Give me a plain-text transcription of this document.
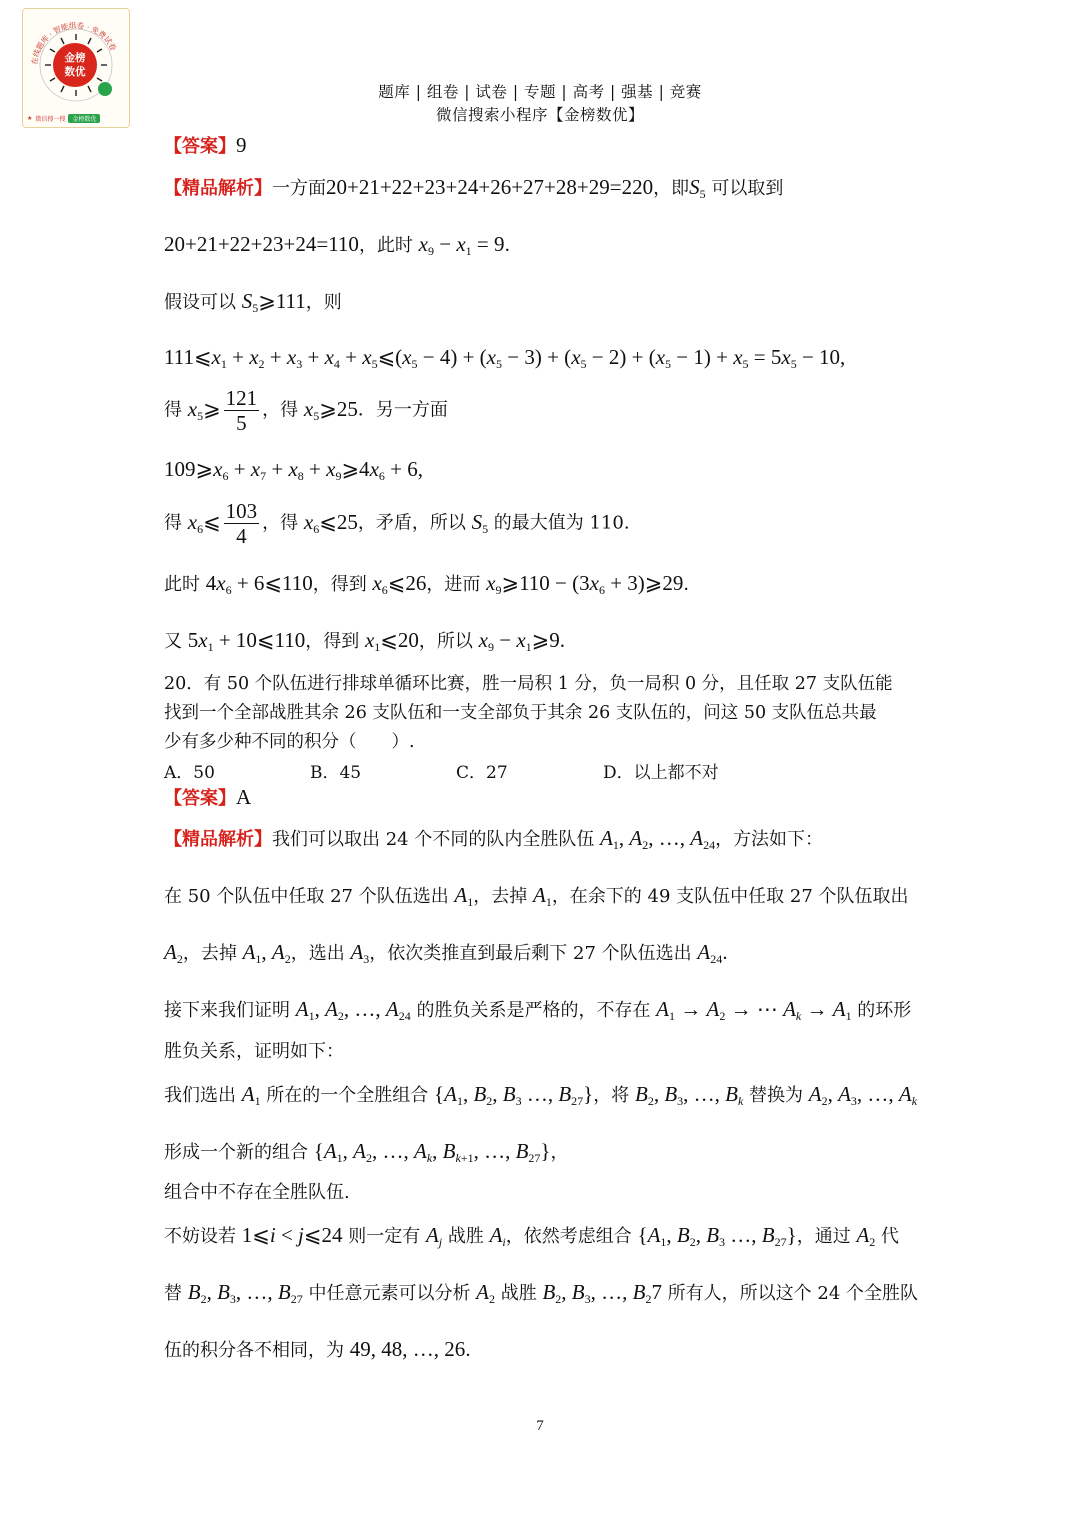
在线题库 · 智能组卷 · 免费试卷
金榜
数优
★ 微信搜一搜	金榜数优
题库 | 组卷 | 试卷 | 专题 | 高考 | 强基 | 竞赛
微信搜索小程序【金榜数优】
【答案】9
【精品解析】一方面20+21+22+23+24+26+27+28+29=220，即$S_5$ 可以取到
20+21+22+23+24=110，此时 $x_9 - x_1 = 9$．
假设可以 $S_5⩾111$，则
$111⩽x_1 + x_2 + x_3 + x_4$ + $x_5⩽(x_5 - 4) + (x_5 - 3) + (x_5 - 2) + (x_5 - 1) + x_5 = 5x_5 - 10$,
得 $x_5⩾ \frac{121}{5}$ ，得 $x_5⩾25$．另一方面
$109⩾x_6 + x_7 + x_8$ + $x_9⩾4x_6 + 6$,
得 $x_6⩽ \frac{103}{4}$ ，得 $x_6⩽25$，矛盾，所以 $S_5$ 的最大值为 110.
此时 $4x_6$ + 6⩽110，得到 $x_6⩽26$，进而 $x_9⩾110 - (3x_6$ + 3)⩾29．
又 $5x_1$ + 10⩽110，得到 $x_1⩽20$，所以 $x_9$ − $x_1⩾9$.
20．有 50 个队伍进行排球单循环比赛，胜一局积 1 分，负一局积 0 分，且任取 27 支队伍能
找到一个全部战胜其余 26 支队伍和一支全部负于其余 26 支队伍的，问这 50 支队伍总共最
少有多少种不同的积分（　　）.
A．50	B．45	C．27	D．以上都不对
【答案】A
【精品解析】我们可以取出 24 个不同的队内全胜队伍 $A_1$, $A_2$, …, $A_{24}$，方法如下：
在 50 个队伍中任取 27 个队伍选出 $A_1$，去掉 $A_1$，在余下的 49 支队伍中任取 27 个队伍取出
$A_2$，去掉 $A_1$, $A_2$，选出 $A_3$，依次类推直到最后剩下 27 个队伍选出 $A_{24}$．
接下来我们证明 $A_1$, $A_2$, …, $A_{24}$ 的胜负关系是严格的，不存在 $A_1 \to A_2$ → ⋯ $A_k \to A_1$ 的环形
胜负关系，证明如下：
我们选出 $A_1$ 所在的一个全胜组合 {$A_1$, $B_2$, $B_3$ …, $B_{27}$}，将 $B_2$, $B_3$, …, $B_k$ 替换为 $A_2$, $A_3$, …, $A_k$
形成一个新的组合 {$A_1$, $A_2$, …, $A_k$, $B_{k+1}$, …, $B_{27}$}，
组合中不存在全胜队伍.
不妨设若 1⩽i < j⩽24 则一定有 $A_j$ 战胜 $A_i$，依然考虑组合 {$A_1$, $B_2$, $B_3$ …, $B_{27}$}，通过 $A_2$ 代
替 $B_2$, $B_3$, …, $B_{27}$ 中任意元素可以分析 $A_2$ 战胜 $B_2$, $B_3$, …, $B_27$ 所有人，所以这个 24 个全胜队
伍的积分各不相同，为 49, 48, …, 26．
7
